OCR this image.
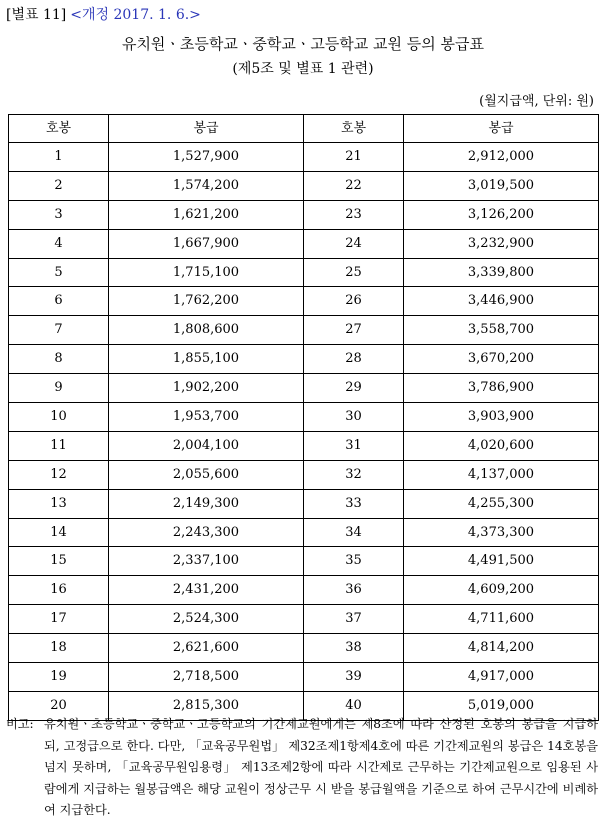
[별표 11] <개정 2017. 1. 6.>
유치원ㆍ초등학교ㆍ중학교ㆍ고등학교 교원 등의 봉급표
(제5조 및 별표 1 관련)
(월지급액, 단위: 원)
호봉	봉급	호봉	봉급
1	1,527,900	21	2,912,000
2	1,574,200	22	3,019,500
3	1,621,200	23	3,126,200
4	1,667,900	24	3,232,900
5	1,715,100	25	3,339,800
6	1,762,200	26	3,446,900
7	1,808,600	27	3,558,700
8	1,855,100	28	3,670,200
9	1,902,200	29	3,786,900
10	1,953,700	30	3,903,900
11	2,004,100	31	4,020,600
12	2,055,600	32	4,137,000
13	2,149,300	33	4,255,300
14	2,243,300	34	4,373,300
15	2,337,100	35	4,491,500
16	2,431,200	36	4,609,200
17	2,524,300	37	4,711,600
18	2,621,600	38	4,814,200
19	2,718,500	39	4,917,000
20	2,815,300	40	5,019,000
비고: 유치원ㆍ초등학교ㆍ중학교ㆍ고등학교의 기간제교원에게는 제8조에 따라 산정된 호봉의 봉급을 지급하되, 고정급으로 한다. 다만, 「교육공무원법」 제32조제1항제4호에 따른 기간제교원의 봉급은 14호봉을 넘지 못하며, 「교육공무원임용령」 제13조제2항에 따라 시간제로 근무하는 기간제교원으로 임용된 사람에게 지급하는 월봉급액은 해당 교원이 정상근무 시 받을 봉급월액을 기준으로 하여 근무시간에 비례하여 지급한다.
